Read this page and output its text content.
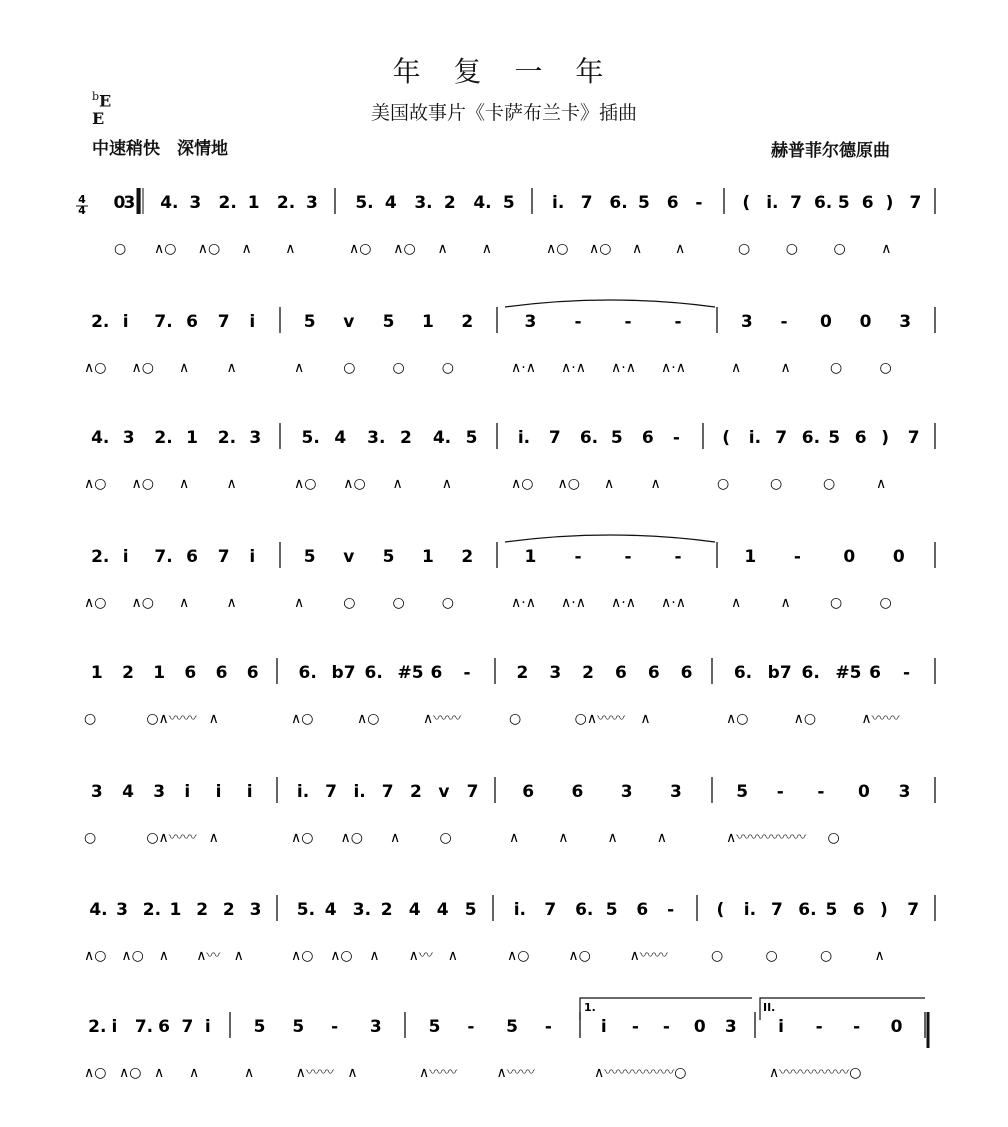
年 复 一 年
美国故事片《卡萨布兰卡》插曲
$^b$E
E
中速稍快　深情地	赫普菲尔德原曲
4
4 0
3
○
4. 3 2. 1 2. 3
∧○ ∧○ ∧ ∧
5. 4 3. 2 4. 5
∧○ ∧○ ∧ ∧
i. 7 6. 5 6 -
∧○ ∧○ ∧ ∧
( i. 7 6. 5 6 ) 7
○	○	○	∧
2. i 7. 6 7 i
∧○ ∧○ ∧	∧
5 v 5 1 2
∧	○	○	○
3 -	-	-
∧·∧ ∧·∧ ∧·∧ ∧·∧
3 - 0 0 3
∧	∧	○	○
4. 3 2. 1 2. 3
∧○ ∧○ ∧	∧
5. 4 3. 2 4. 5
∧○ ∧○ ∧	∧
i. 7 6. 5 6 -
∧○ ∧○ ∧	∧
( i. 7 6. 5 6 ) 7
○	○	○	∧
2. i 7. 6 7 i
∧○ ∧○ ∧	∧
5 v 5 1 2
∧	○	○	○
1 -	-	-
∧·∧ ∧·∧ ∧·∧ ∧·∧
1 - 0 0
∧	∧	○	○
1 2 1 6 6 6
○	○∧〰〰 ∧
6. b7 6. #5 6 -
∧○	∧○	∧〰〰
2 3 2 6 6 6
○	○∧〰〰 ∧
6. b7 6. #5 6 -
∧○	∧○	∧〰〰
3 4 3 i i i
○	○∧〰〰 ∧
i. 7 i. 7 2 v 7
∧○ ∧○ ∧	○
6 6 3 3
∧	∧	∧	∧
5 - - 0 3
∧〰〰〰〰〰 ○
4. 3 2. 1 2 2 3
∧○ ∧○ ∧ ∧〰 ∧
5. 4 3. 2 4 4 5
∧○ ∧○ ∧ ∧〰 ∧
i. 7 6. 5 6 -
∧○	∧○	∧〰〰
( i. 7 6. 5 6 ) 7
○	○	○	∧
2. i 7. 6 7 i
∧○ ∧○ ∧ ∧
5 5 - 3
∧	∧〰〰 ∧
5 - 5 -
∧〰〰	∧〰〰
i - - 0 3
∧〰〰〰〰〰○
i - - 0
∧〰〰〰〰〰○
1.	II.
